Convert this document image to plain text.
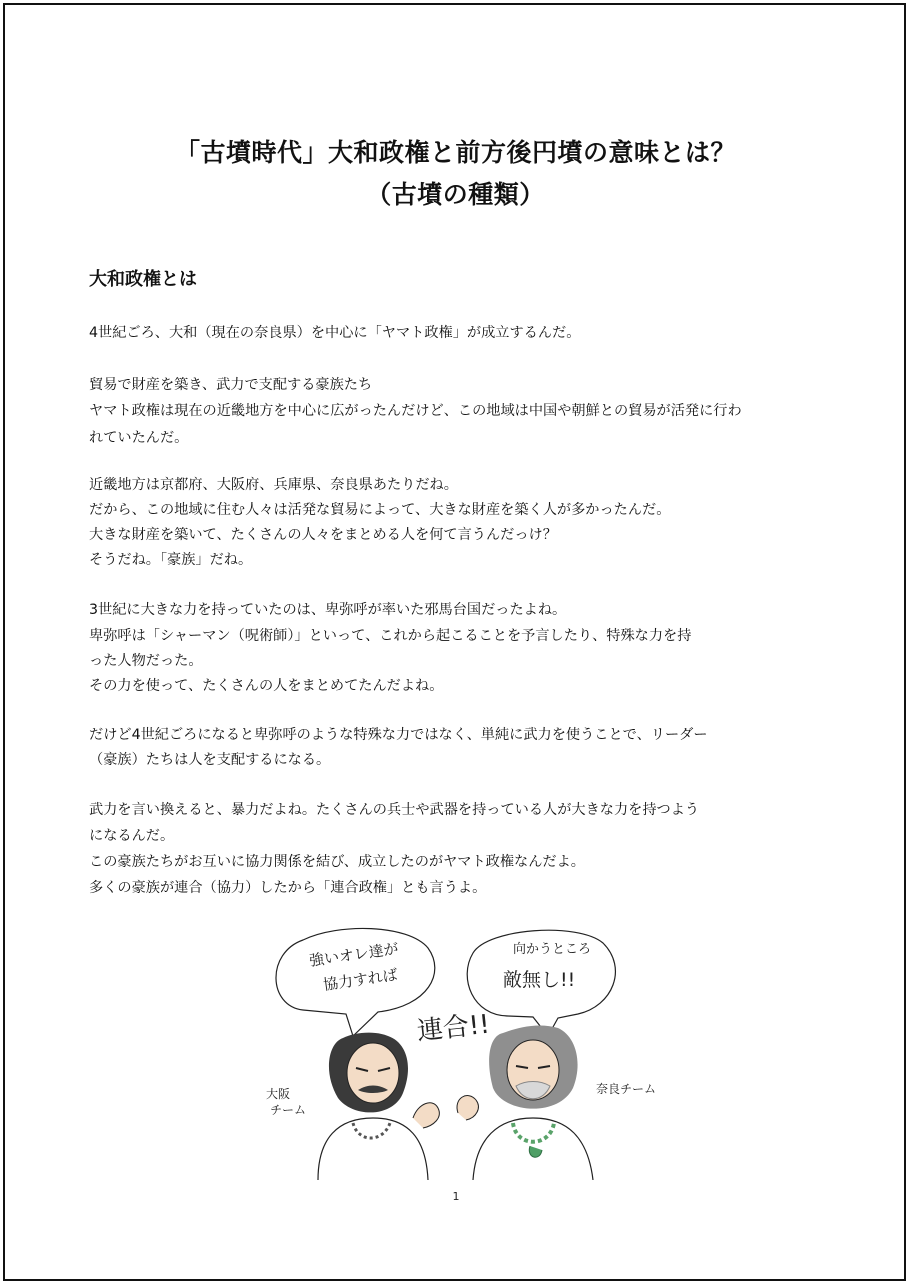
「古墳時代」大和政権と前方後円墳の意味とは？
（古墳の種類）
大和政権とは
4世紀ごろ、大和（現在の奈良県）を中心に「ヤマト政権」が成立するんだ。
貿易で財産を築き、武力で支配する豪族たち
ヤマト政権は現在の近畿地方を中心に広がったんだけど、この地域は中国や朝鮮との貿易が活発に行わ
れていたんだ。
近畿地方は京都府、大阪府、兵庫県、奈良県あたりだね。
だから、この地域に住む人々は活発な貿易によって、大きな財産を築く人が多かったんだ。
大きな財産を築いて、たくさんの人々をまとめる人を何て言うんだっけ？
そうだね。「豪族」だね。
3世紀に大きな力を持っていたのは、卑弥呼が率いた邪馬台国だったよね。
卑弥呼は「シャーマン（呪術師）」といって、これから起こることを予言したり、特殊な力を持
った人物だった。
その力を使って、たくさんの人をまとめてたんだよね。
だけど4世紀ごろになると卑弥呼のような特殊な力ではなく、単純に武力を使うことで、リーダー
（豪族）たちは人を支配するになる。
武力を言い換えると、暴力だよね。たくさんの兵士や武器を持っている人が大きな力を持つよう
になるんだ。
この豪族たちがお互いに協力関係を結び、成立したのがヤマト政権なんだよ。
多くの豪族が連合（協力）したから「連合政権」とも言うよ。
強いオレ達が
協力すれば
向かうところ
敵無し!!
連合!!
大阪
チーム
奈良チーム
1
